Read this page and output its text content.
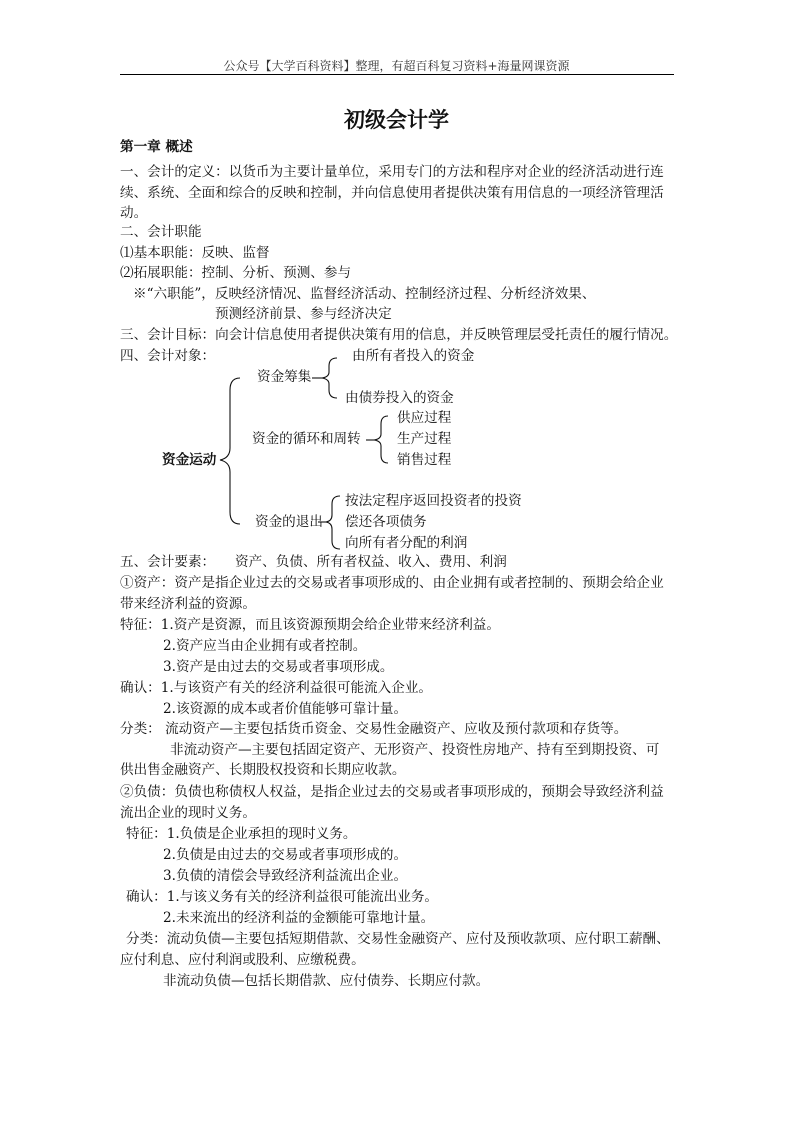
公众号【大学百科资料】整理，有超百科复习资料+海量网课资源
初级会计学
第一章 概述
一、会计的定义：以货币为主要计量单位，采用专门的方法和程序对企业的经济活动进行连
续、系统、全面和综合的反映和控制，并向信息使用者提供决策有用信息的一项经济管理活
动。
二、会计职能
⑴基本职能：反映、监督
⑵拓展职能：控制、分析、预测、参与
※“六职能”，反映经济情况、监督经济活动、控制经济过程、分析经济效果、
预测经济前景、参与经济决定
三、会计目标：向会计信息使用者提供决策有用的信息，并反映管理层受托责任的履行情况。
四、会计对象：
资金运动
资金筹集
由所有者投入的资金
由债券投入的资金
资金的循环和周转
供应过程
生产过程
销售过程
资金的退出
按法定程序返回投资者的投资
偿还各项债务
向所有者分配的利润
五、会计要素： 资产、负债、所有者权益、收入、费用、利润
①资产：资产是指企业过去的交易或者事项形成的、由企业拥有或者控制的、预期会给企业
带来经济利益的资源。
特征：1.资产是资源，而且该资源预期会给企业带来经济利益。
2.资产应当由企业拥有或者控制。
3.资产是由过去的交易或者事项形成。
确认：1.与该资产有关的经济利益很可能流入企业。
2.该资源的成本或者价值能够可靠计量。
分类： 流动资产—主要包括货币资金、交易性金融资产、应收及预付款项和存货等。
非流动资产—主要包括固定资产、无形资产、投资性房地产、持有至到期投资、可
供出售金融资产、长期股权投资和长期应收款。
②负债：负债也称债权人权益，是指企业过去的交易或者事项形成的，预期会导致经济利益
流出企业的现时义务。
特征：1.负债是企业承担的现时义务。
2.负债是由过去的交易或者事项形成的。
3.负债的清偿会导致经济利益流出企业。
确认：1.与该义务有关的经济利益很可能流出业务。
2.未来流出的经济利益的金额能可靠地计量。
分类：流动负债—主要包括短期借款、交易性金融资产、应付及预收款项、应付职工薪酬、
应付利息、应付利润或股利、应缴税费。
非流动负债—包括长期借款、应付债券、长期应付款。
